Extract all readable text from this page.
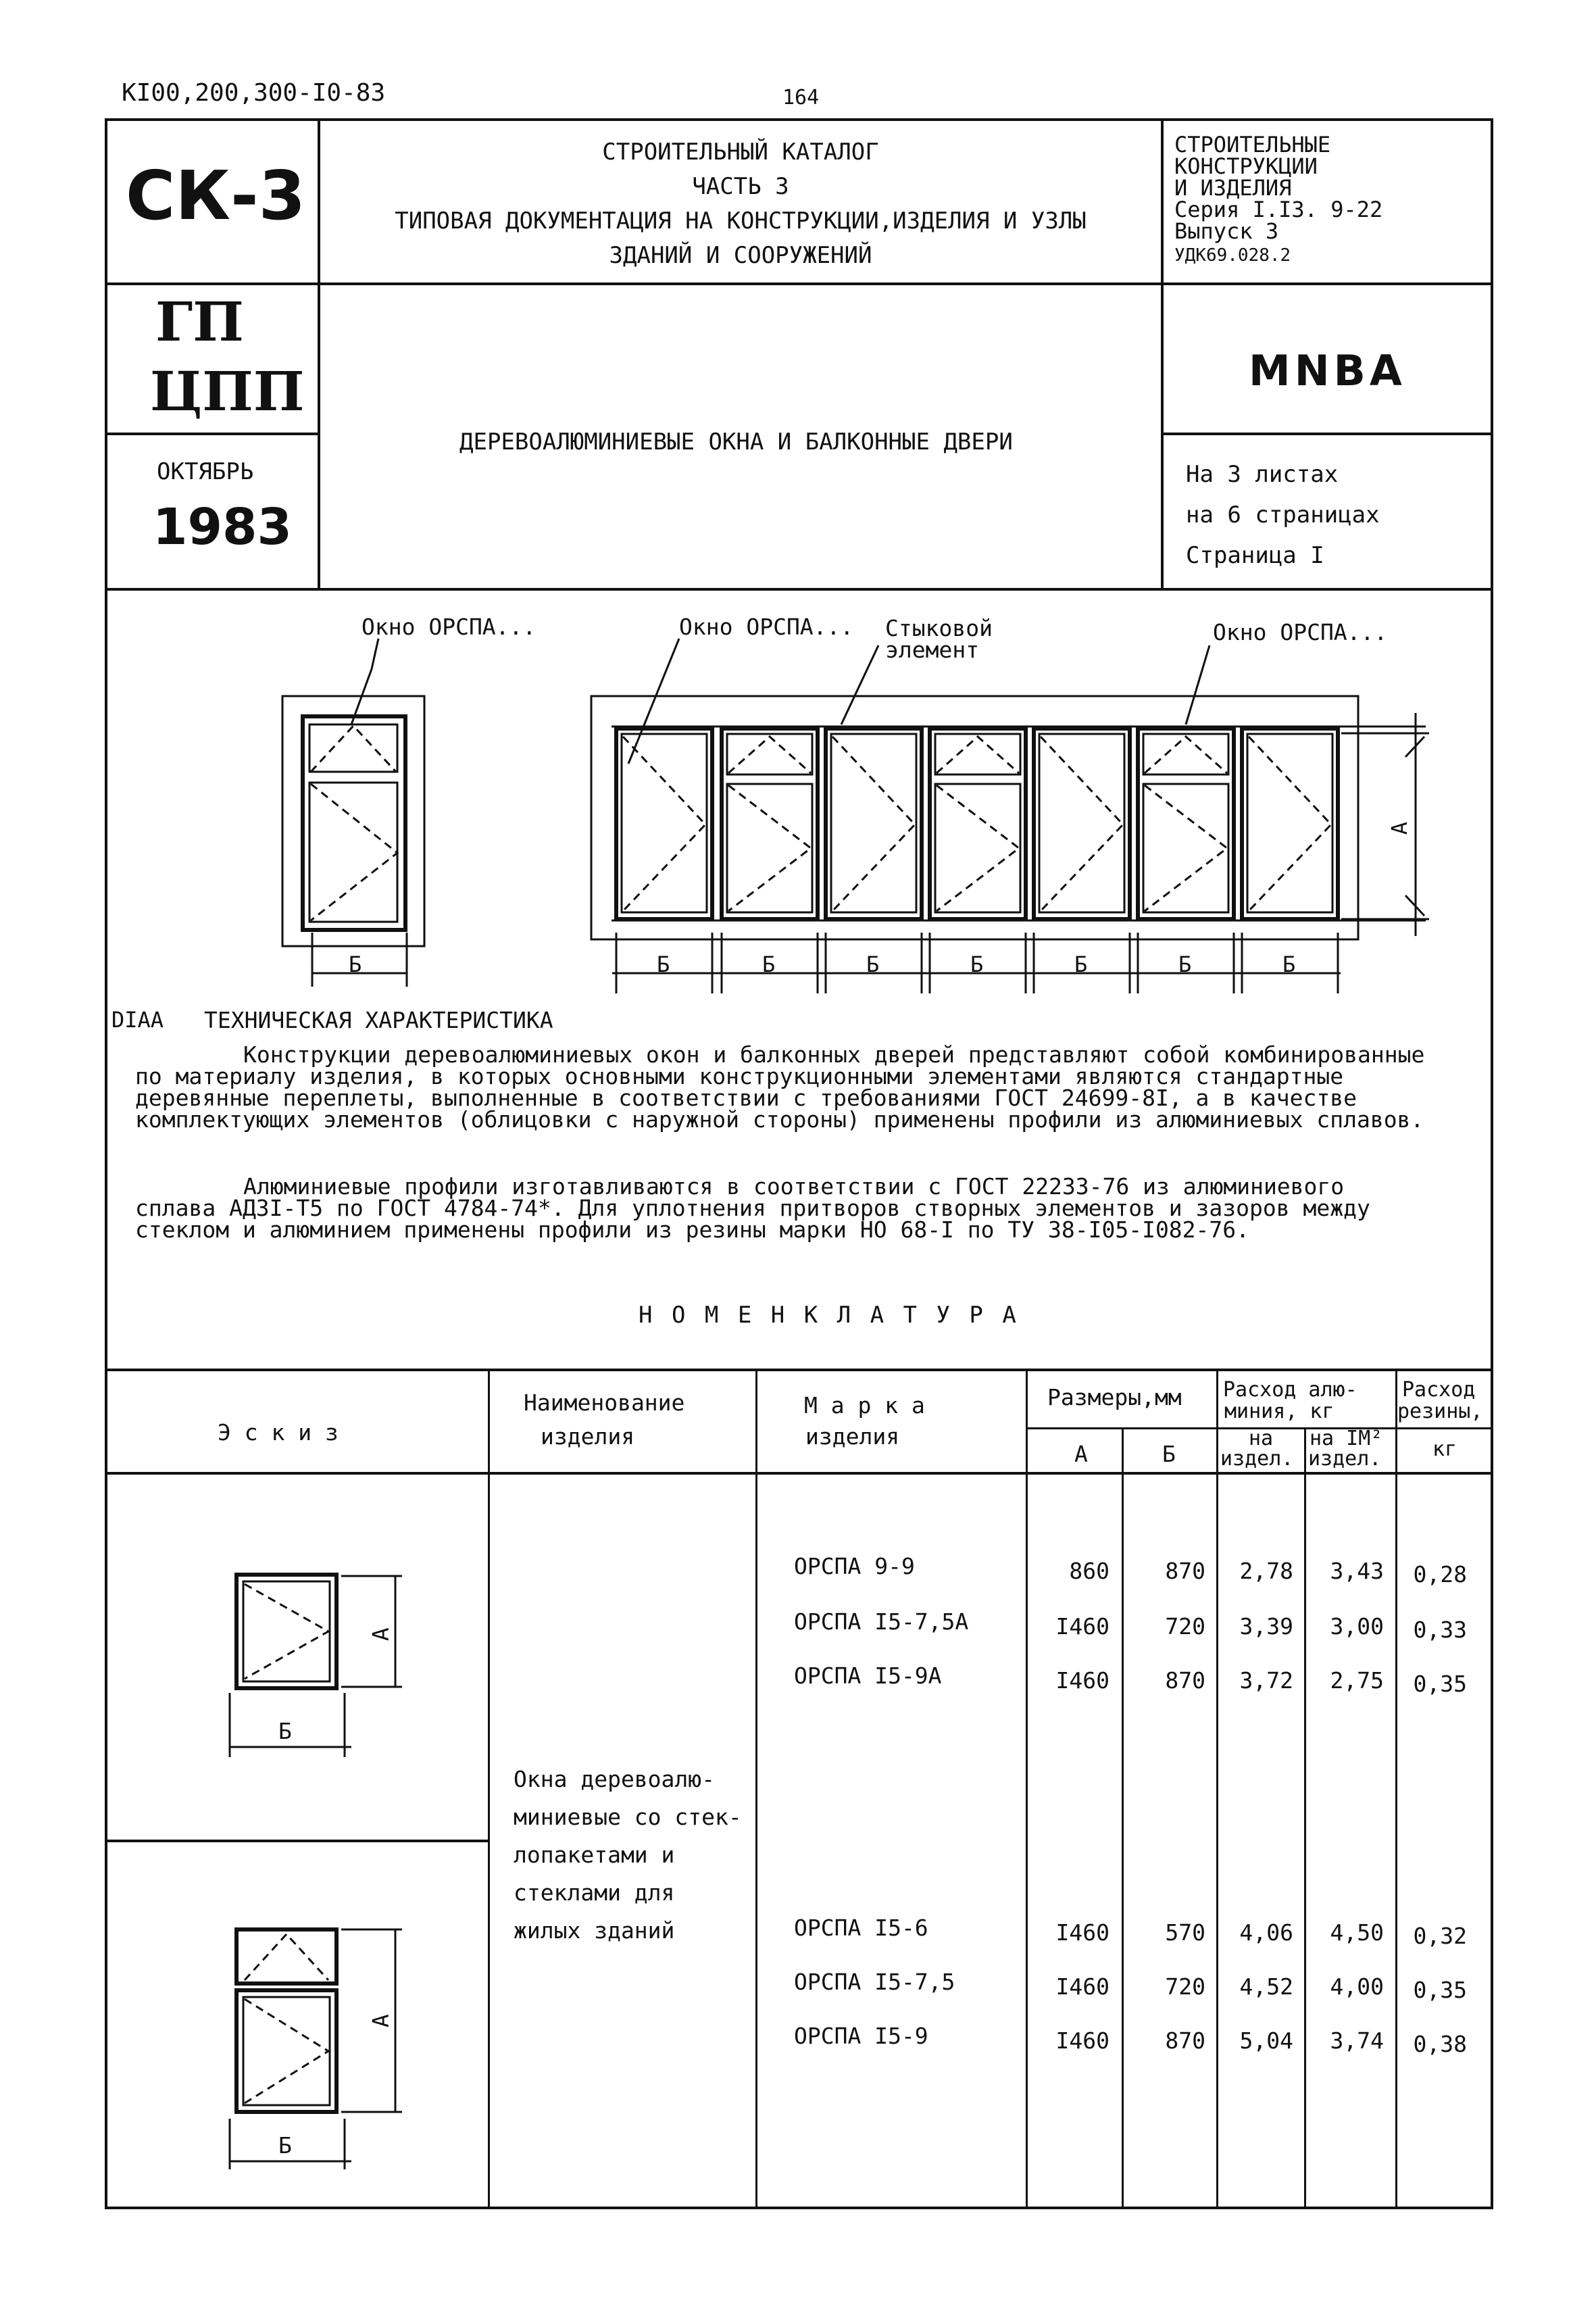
KI00,200,300-I0-83	164
СК-3
СТРОИТЕЛЬНЫЙ КАТАЛОГ
ЧАСТЬ 3
ТИПОВАЯ ДОКУМЕНТАЦИЯ НА КОНСТРУКЦИИ,ИЗДЕЛИЯ И УЗЛЫ
ЗДАНИЙ И СООРУЖЕНИЙ
СТРОИТЕЛЬНЫЕ
КОНСТРУКЦИИ
И ИЗДЕЛИЯ
Серия I.I3. 9-22
Выпуск 3
УДК69.028.2
ГП
ЦПП
ОКТЯБРЬ
1983
ДЕРЕВОАЛЮМИНИЕВЫЕ ОКНА И БАЛКОННЫЕ ДВЕРИ
MNBA
На 3 листах
на 6 страницах
Страница I
Окно ОРСПА...	Окно ОРСПА... Стыковой
элемент
Окно ОРСПА...
Б	Б	Б	Б	Б	Б	Б	Б
А
DIAA ТЕХНИЧЕСКАЯ ХАРАКТЕРИСТИКА
Конструкции деревоалюминиевых окон и балконных дверей представляют собой комбинированные по материалу изделия, в которых основными конструкционными элементами являются стандартные деревянные переплеты, выполненные в соответствии с требованиями ГОСТ 24699-8I, а в качестве комплектующих элементов (облицовки с наружной стороны) применены профили из алюминиевых сплавов.
Алюминиевые профили изготавливаются в соответствии с ГОСТ 22233-76 из алюминиевого сплава АДЗI-Т5 по ГОСТ 4784-74*. Для уплотнения притворов створных элементов и зазоров между стеклом и алюминием применены профили из резины марки НО 68-I по ТУ 38-I05-I082-76.
Н О М Е Н К Л А Т У Р А
Э с к и з
Наименование
изделия
М а р к а
изделия
Размеры,мм
А	Б
Расход алю-
миния, кг
на
издел.
на IМ²
издел.
Расход
резины,
кг
А
Б
А
Б
Окна деревоалю-
миниевые со стек-
лопакетами и
стеклами для
жилых зданий
ОРСПА 9-9	860	870	2,78	3,43	0,28
ОРСПА I5-7,5А	I460	720	3,39	3,00	0,33
ОРСПА I5-9А	I460	870	3,72	2,75	0,35
ОРСПА I5-6	I460	570	4,06	4,50	0,32
ОРСПА I5-7,5	I460	720	4,52	4,00	0,35
ОРСПА I5-9	I460	870	5,04	3,74	0,38
